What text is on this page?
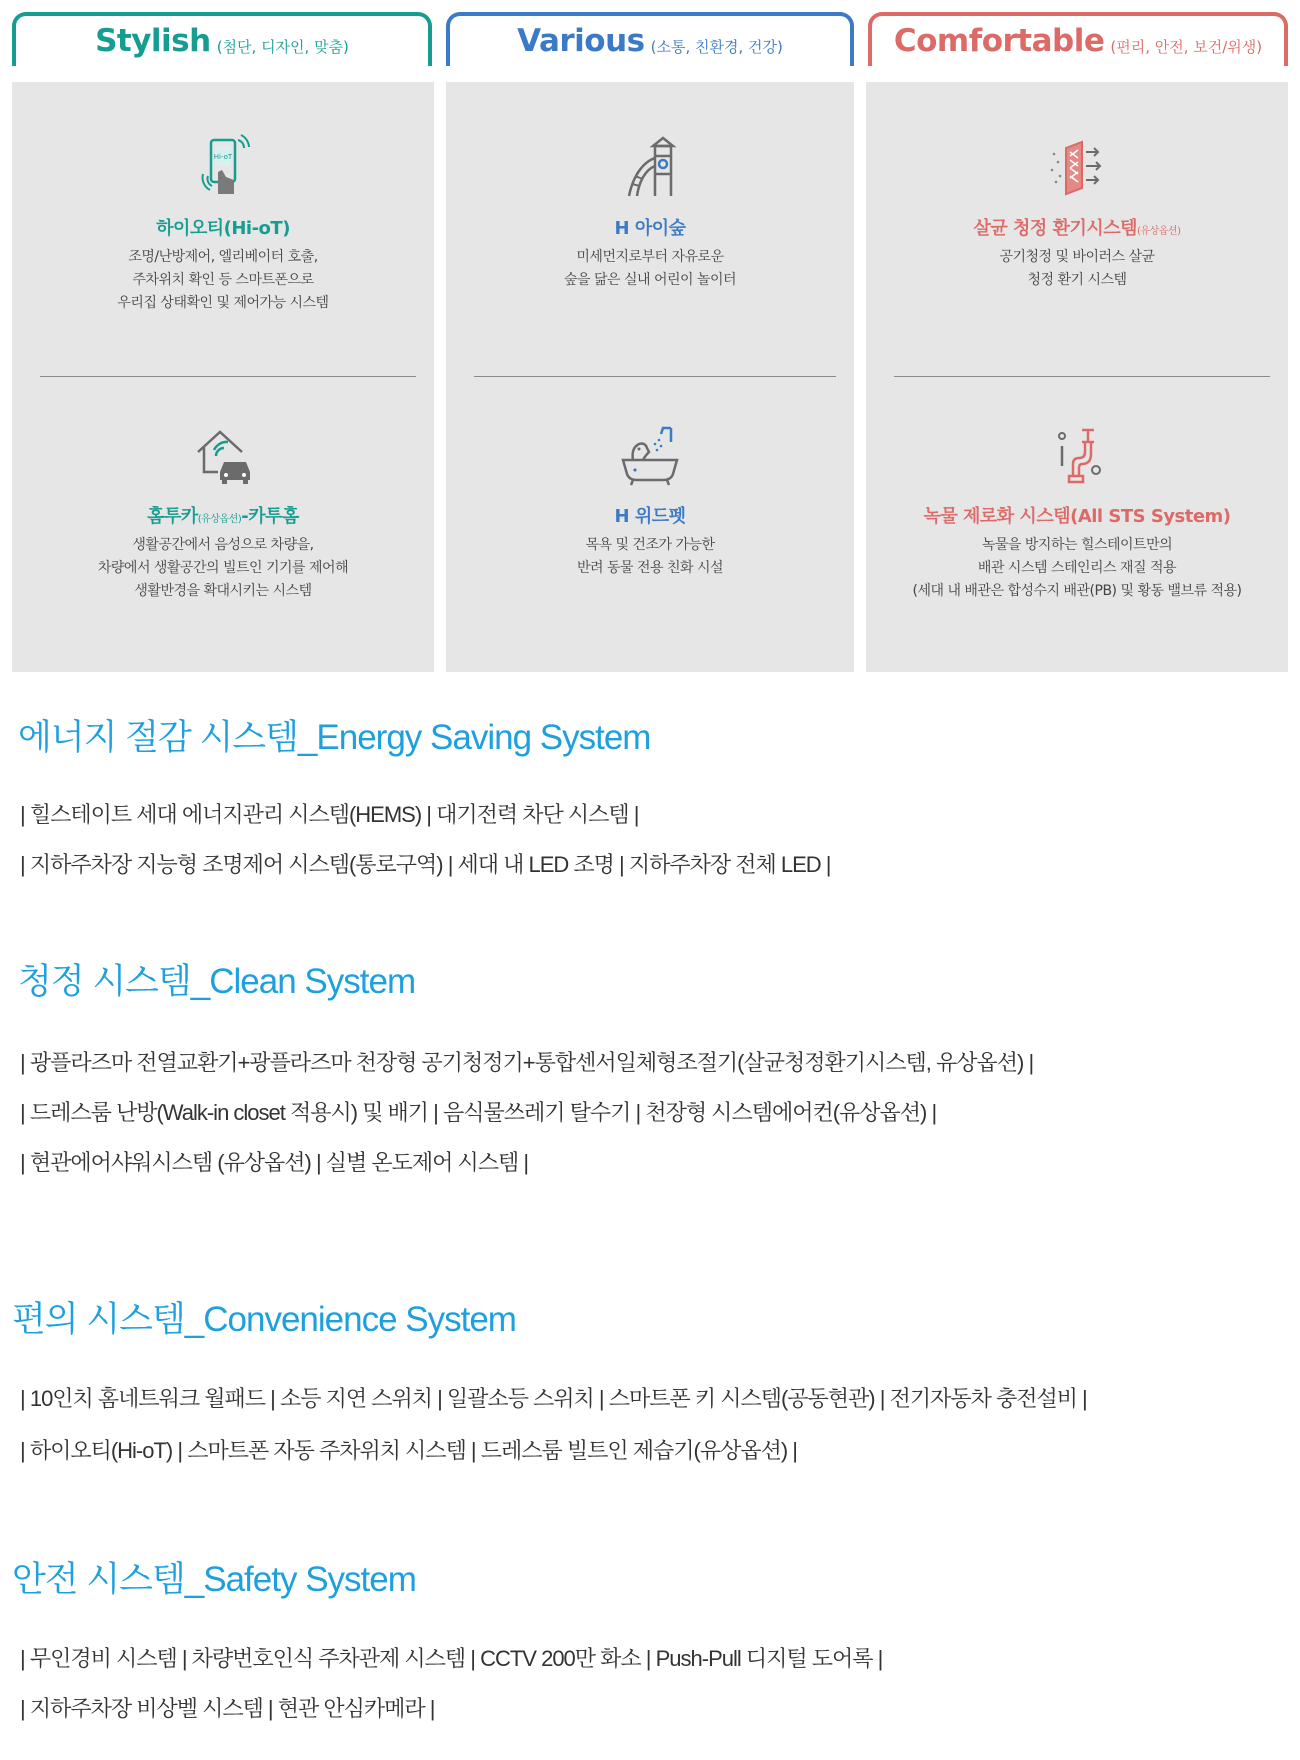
Stylish (첨단, 디자인, 맞춤)	Various (소통, 친환경, 건강)	Comfortable (편리, 안전, 보건/위생)
Hi-oT
하이오티(Hi-oT)
조명/난방제어, 엘리베이터 호출,
주차위치 확인 등 스마트폰으로
우리집 상태확인 및 제어가능 시스템
홈투카(유상옵션)-카투홈
생활공간에서 음성으로 차량을,
차량에서 생활공간의 빌트인 기기를 제어해
생활반경을 확대시키는 시스템
H 아이숲
미세먼지로부터 자유로운
숲을 닮은 실내 어린이 놀이터
H 위드펫
목욕 및 건조가 가능한
반려 동물 전용 친화 시설
살균 청정 환기시스템(유상옵션)
공기청정 및 바이러스 살균
청정 환기 시스템
녹물 제로화 시스템(All STS System)
녹물을 방지하는 힐스테이트만의
배관 시스템 스테인리스 재질 적용
(세대 내 배관은 합성수지 배관(PB) 및 황동 밸브류 적용)
에너지 절감 시스템_Energy Saving System
| 힐스테이트 세대 에너지관리 시스템(HEMS) | 대기전력 차단 시스템 |
| 지하주차장 지능형 조명제어 시스템(통로구역) | 세대 내 LED 조명 | 지하주차장 전체 LED |
청정 시스템_Clean System
| 광플라즈마 전열교환기+광플라즈마 천장형 공기청정기+통합센서일체형조절기(살균청정환기시스템, 유상옵션) |
| 드레스룸 난방(Walk-in closet 적용시) 및 배기 | 음식물쓰레기 탈수기 | 천장형 시스템에어컨(유상옵션) |
| 현관에어샤워시스템 (유상옵션) | 실별 온도제어 시스템 |
편의 시스템_Convenience System
| 10인치 홈네트워크 월패드 | 소등 지연 스위치 | 일괄소등 스위치 | 스마트폰 키 시스템(공동현관) | 전기자동차 충전설비 |
| 하이오티(Hi-oT) | 스마트폰 자동 주차위치 시스템 | 드레스룸 빌트인 제습기(유상옵션) |
안전 시스템_Safety System
| 무인경비 시스템 | 차량번호인식 주차관제 시스템 | CCTV 200만 화소 | Push-Pull 디지털 도어록 |
| 지하주차장 비상벨 시스템 | 현관 안심카메라 |
